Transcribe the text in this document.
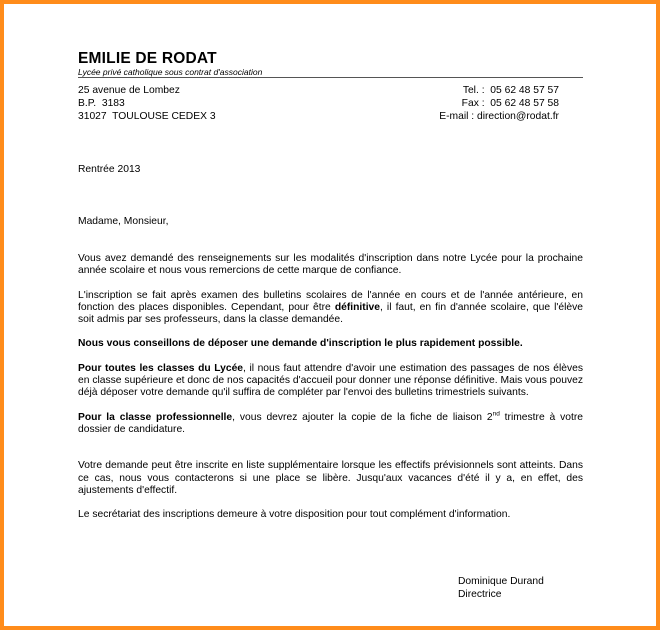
EMILIE DE RODAT
Lycée privé catholique sous contrat d'association
25 avenue de Lombez
B.P.  3183
31027  TOULOUSE CEDEX 3
Tel. :  05 62 48 57 57
Fax :  05 62 48 57 58
E-mail : direction@rodat.fr
Rentrée 2013
Madame, Monsieur,

Vous avez demandé des renseignements sur les modalités d'inscription dans notre Lycée pour la prochaine année scolaire et nous vous remercions de cette marque de confiance.

L'inscription se fait après examen des bulletins scolaires de l'année en cours et de l'année antérieure, en fonction des places disponibles. Cependant, pour être définitive, il faut, en fin d'année scolaire, que l'élève soit admis par ses professeurs, dans la classe demandée.

Nous vous conseillons de déposer une demande d'inscription le plus rapidement possible.

Pour toutes les classes du Lycée, il nous faut attendre d'avoir une estimation des passages de nos élèves en classe supérieure et donc de nos capacités d'accueil pour donner une réponse définitive. Mais vous pouvez déjà déposer votre demande qu'il suffira de compléter par l'envoi des bulletins trimestriels suivants.

Pour la classe professionnelle, vous devrez ajouter la copie de la fiche de liaison 2nd trimestre à votre dossier de candidature.

Votre demande peut être inscrite en liste supplémentaire lorsque les effectifs prévisionnels sont atteints. Dans ce cas, nous vous contacterons si une place se libère. Jusqu'aux vacances d'été il y a, en effet, des ajustements d'effectif.

Le secrétariat des inscriptions demeure à votre disposition pour tout complément d'information.

Dominique Durand
Directrice
